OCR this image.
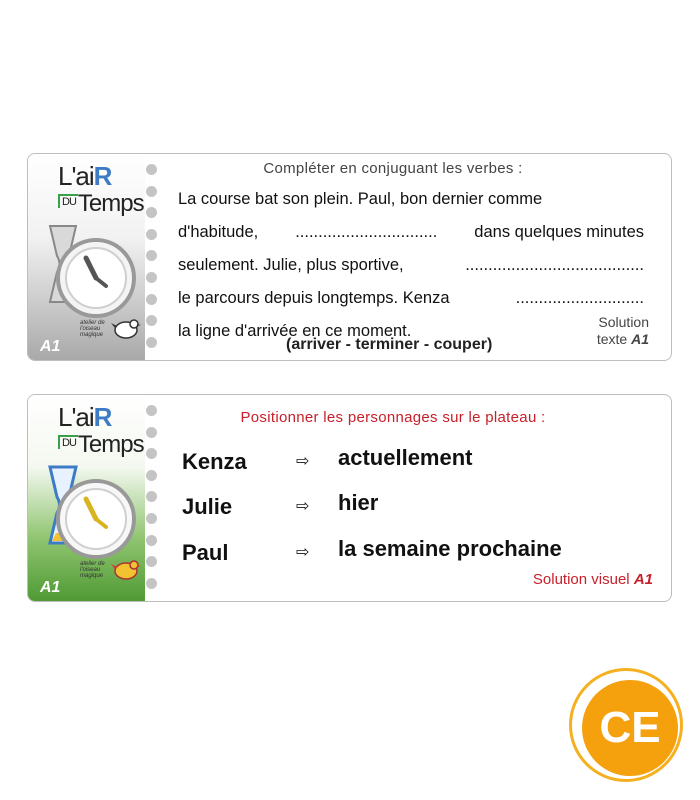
L'aiR
DUTemps
atelier de l'oiseau magique
A1
Compléter en conjuguant les verbes :
La course bat son plein. Paul, bon dernier comme
d'habitude, ............................... dans quelques minutes
seulement. Julie, plus sportive,	.......................................
le parcours depuis longtemps. Kenza	............................
la ligne d'arrivée en ce moment.
(arriver - terminer - couper)
Solution
texte A1
L'aiR
DUTemps
atelier de l'oiseau magique
A1
Positionner les personnages sur le plateau :
Kenza	⇨ actuellement
Julie	⇨ hier
Paul	⇨ la semaine prochaine
Solution visuel A1
CE
